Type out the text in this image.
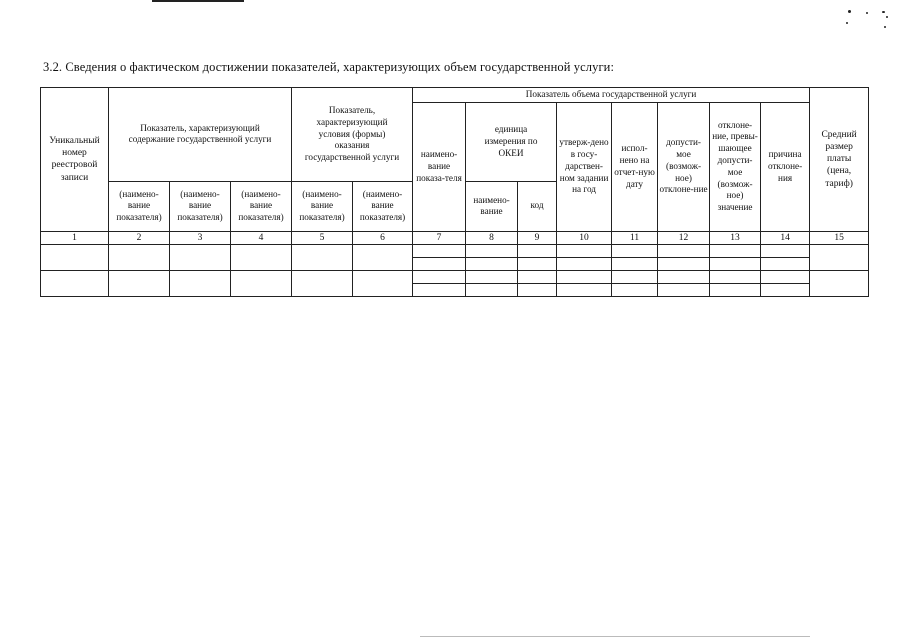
3.2. Сведения о фактическом достижении показателей, характеризующих объем государственной услуги:
Уникальный номер реестровой записи	Показатель, характеризующий содержание государственной услуги			Показатель, характеризующий условия (формы) оказания государственной услуги		Показатель объема государственной услуги								Средний размер платы (цена, тариф)
						наимено-вание показа-теля	единица измерения по ОКЕИ		утверж-дено в госу-дарствен-ном задании на год	испол-нено на отчет-ную дату	допусти-мое (возмож-ное) отклоне-ние	отклоне-ние, превы-шающее допусти-мое (возмож-ное) значение	причина отклоне-ния	
	(наимено-вание показателя)	(наимено-вание показателя)	(наимено-вание показателя)	(наимено-вание показателя)	(наимено-вание показателя)		наимено-вание	код						
1	2	3	4	5	6	7	8	9	10	11	12	13	14	15
